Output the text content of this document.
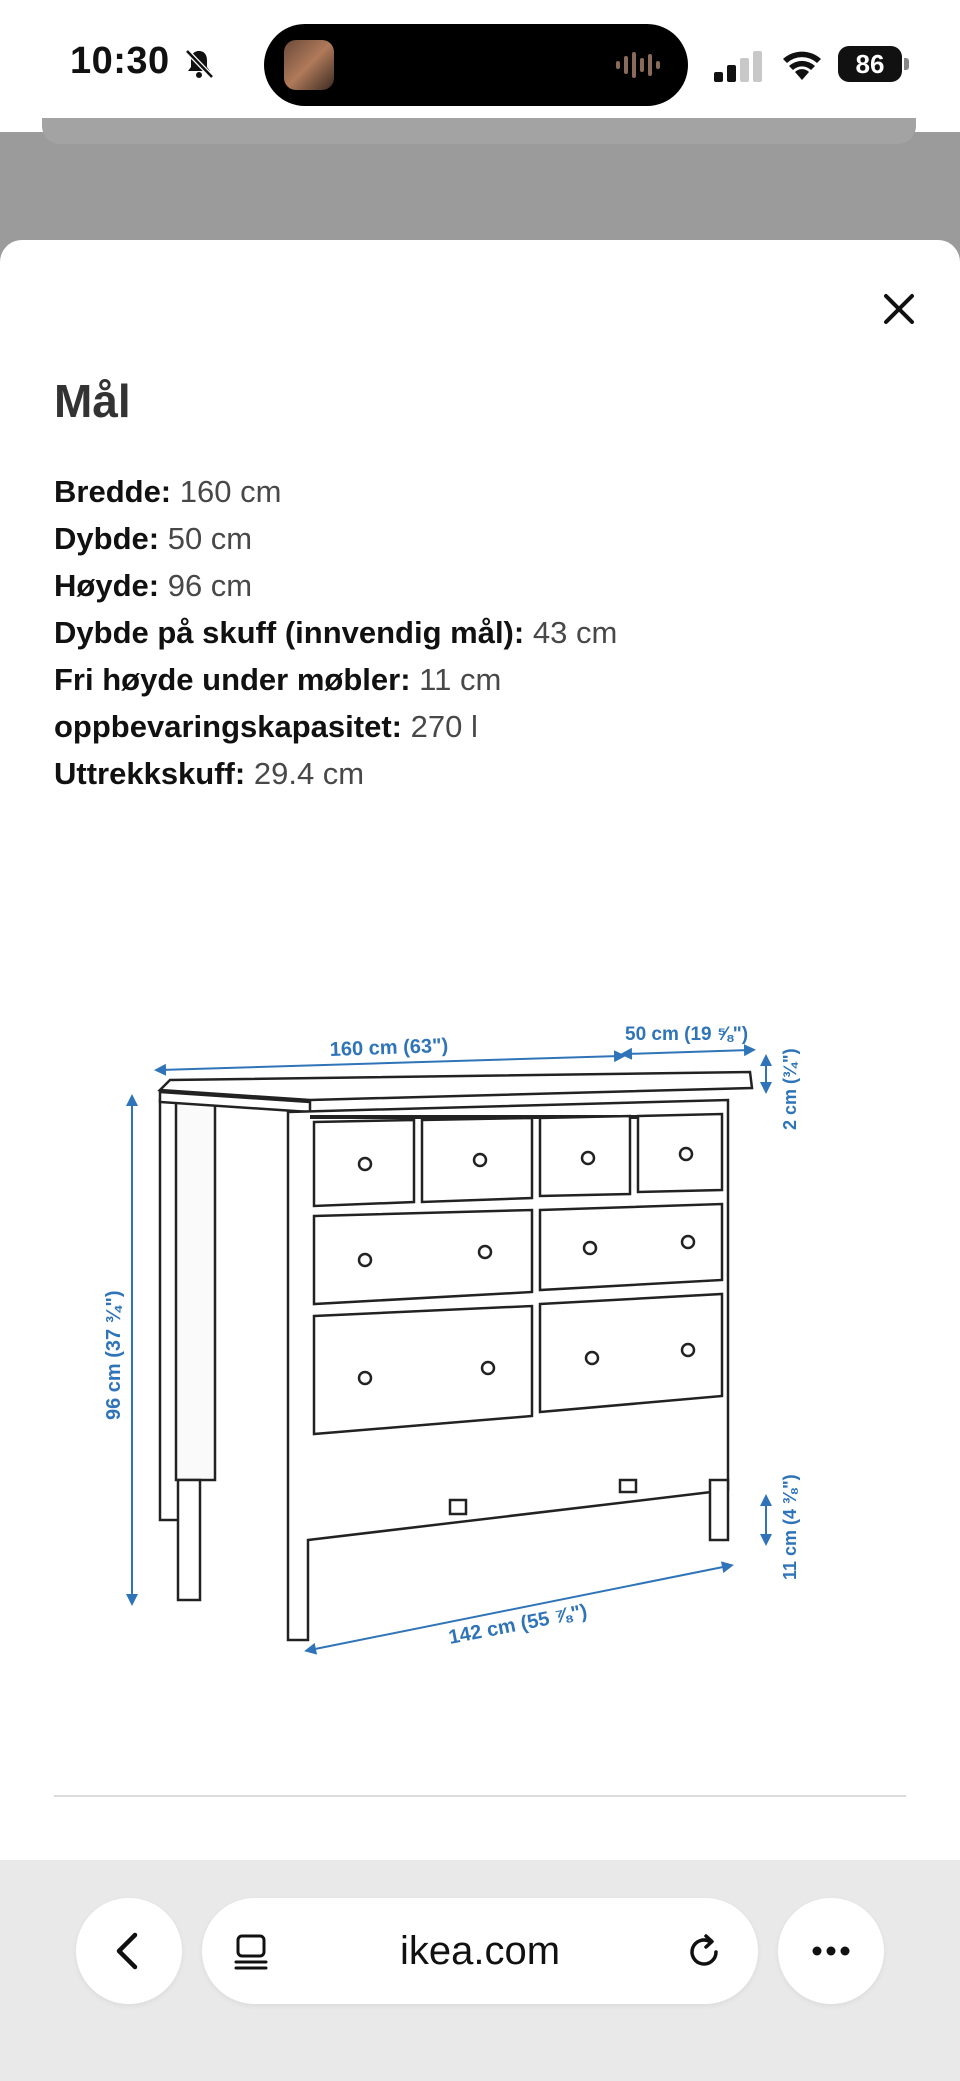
10:30	86
Mål
Bredde: 160 cm
Dybde: 50 cm
Høyde: 96 cm
Dybde på skuff (innvendig mål): 43 cm
Fri høyde under møbler: 11 cm
oppbevaringskapasitet: 270 l
Uttrekkskuff: 29.4 cm
160 cm (63")
50 cm (19 ⅝")
2 cm (¾")
96 cm (37 ¾")
11 cm (4 ⅜")
142 cm (55 ⅞")
ikea.com
